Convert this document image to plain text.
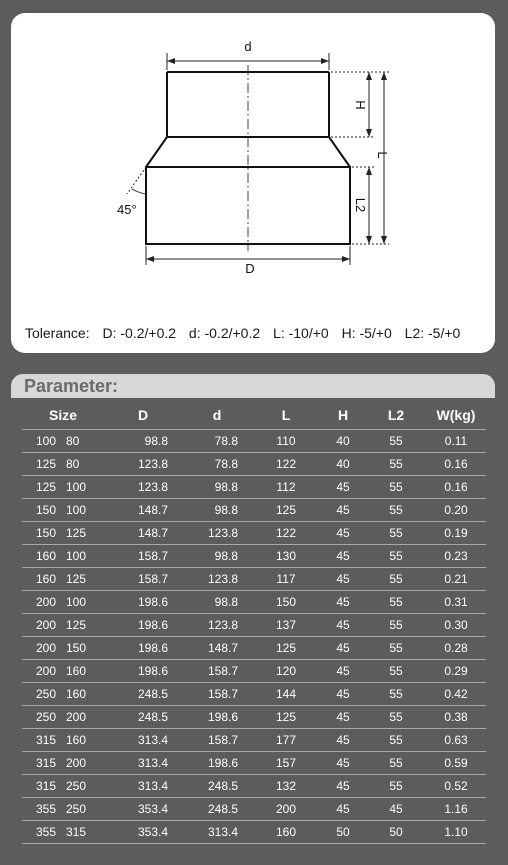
d
D
H
L
L2
45°
Tolerance: D: -0.2/+0.2 d: -0.2/+0.2 L: -10/+0 H: -5/+0 L2: -5/+0
Parameter:
Size	D	d	L	H	L2	W(kg)
100 80	98.8	78.8	110	40	55	0.11
125 80	123.8	78.8	122	40	55	0.16
125 100	123.8	98.8	112	45	55	0.16
150 100	148.7	98.8	125	45	55	0.20
150 125	148.7	123.8	122	45	55	0.19
160 100	158.7	98.8	130	45	55	0.23
160 125	158.7	123.8	117	45	55	0.21
200 100	198.6	98.8	150	45	55	0.31
200 125	198.6	123.8	137	45	55	0.30
200 150	198.6	148.7	125	45	55	0.28
200 160	198.6	158.7	120	45	55	0.29
250 160	248.5	158.7	144	45	55	0.42
250 200	248.5	198.6	125	45	55	0.38
315 160	313.4	158.7	177	45	55	0.63
315 200	313.4	198.6	157	45	55	0.59
315 250	313.4	248.5	132	45	55	0.52
355 250	353.4	248.5	200	45	45	1.16
355 315	353.4	313.4	160	50	50	1.10
